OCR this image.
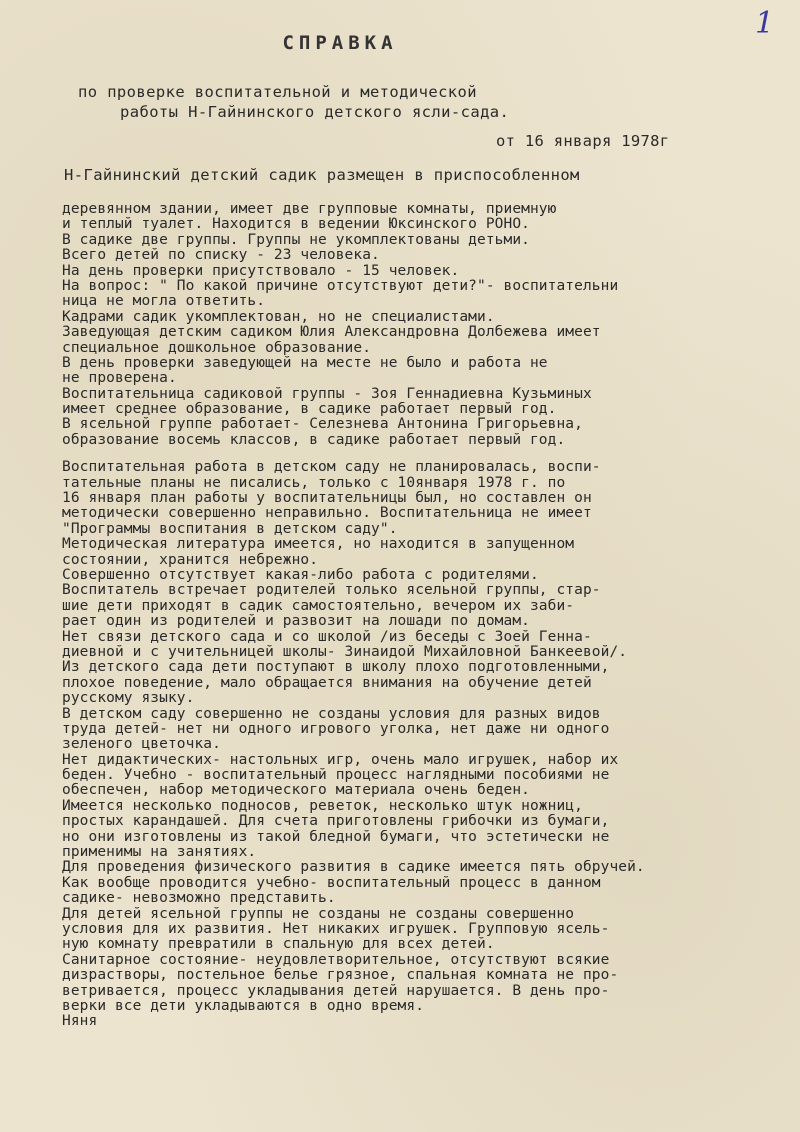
1
СПРАВКА
по проверке воспитательной и методической
работы Н-Гайнинского детского ясли-сада.
от 16 января 1978г
Н-Гайнинский детский садик размещен в приспособленном
деревянном здании, имеет две групповые комнаты, приемную
и теплый туалет. Находится в ведении Юксинского РОНО.
В садике две группы. Группы не укомплектованы детьми.
Всего детей по списку - 23 человека.
На день проверки присутствовало - 15 человек.
На вопрос: " По какой причине отсутствуют дети?"- воспитательни
ница не могла ответить.
Кадрами садик укомплектован, но не специалистами.
Заведующая детским садиком Юлия Александровна Долбежева имеет
специальное дошкольное образование.
В день проверки заведующей на месте не было и работа не
не проверена.
Воспитательница садиковой группы - Зоя Геннадиевна Кузьминых
имеет среднее образование, в садике работает первый год.
В ясельной группе работает- Селезнева Антонина Григорьевна,
образование восемь классов, в садике работает первый год.
Воспитательная работа в детском саду не планировалась, воспи-
тательные планы не писались, только с 10января 1978 г. по
16 января план работы у воспитательницы был, но составлен он
методически совершенно неправильно. Воспитательница не имеет
"Программы воспитания в детском саду".
Методическая литература имеется, но находится в запущенном
состоянии, хранится небрежно.
Совершенно отсутствует какая-либо работа с родителями.
Воспитатель встречает родителей только ясельной группы, стар-
шие дети приходят в садик самостоятельно, вечером их заби-
рает один из родителей и развозит на лошади по домам.
Нет связи детского сада и со школой /из беседы с Зоей Генна-
диевной и с учительницей школы- Зинаидой Михайловной Банкеевой/.
Из детского сада дети поступают в школу плохо подготовленными,
плохое поведение, мало обращается внимания на обучение детей
русскому языку.
В детском саду совершенно не созданы условия для разных видов
труда детей- нет ни одного игрового уголка, нет даже ни одного
зеленого цветочка.
Нет дидактических- настольных игр, очень мало игрушек, набор их
беден. Учебно - воспитательный процесс наглядными пособиями не
обеспечен, набор методического материала очень беден.
Имеется несколько подносов, реветок, несколько штук ножниц,
простых карандашей. Для счета приготовлены грибочки из бумаги,
но они изготовлены из такой бледной бумаги, что эстетически не
применимы на занятиях.
Для проведения физического развития в садике имеется пять обручей.
Как вообще проводится учебно- воспитательный процесс в данном
садике- невозможно представить.
Для детей ясельной группы не созданы не созданы совершенно
условия для их развития. Нет никаких игрушек. Групповую ясель-
ную комнату превратили в спальную для всех детей.
Санитарное состояние- неудовлетворительное, отсутствуют всякие
дизрастворы, постельное белье грязное, спальная комната не про-
ветривается, процесс укладывания детей нарушается. В день про-
верки все дети укладываются в одно время.
Няня
